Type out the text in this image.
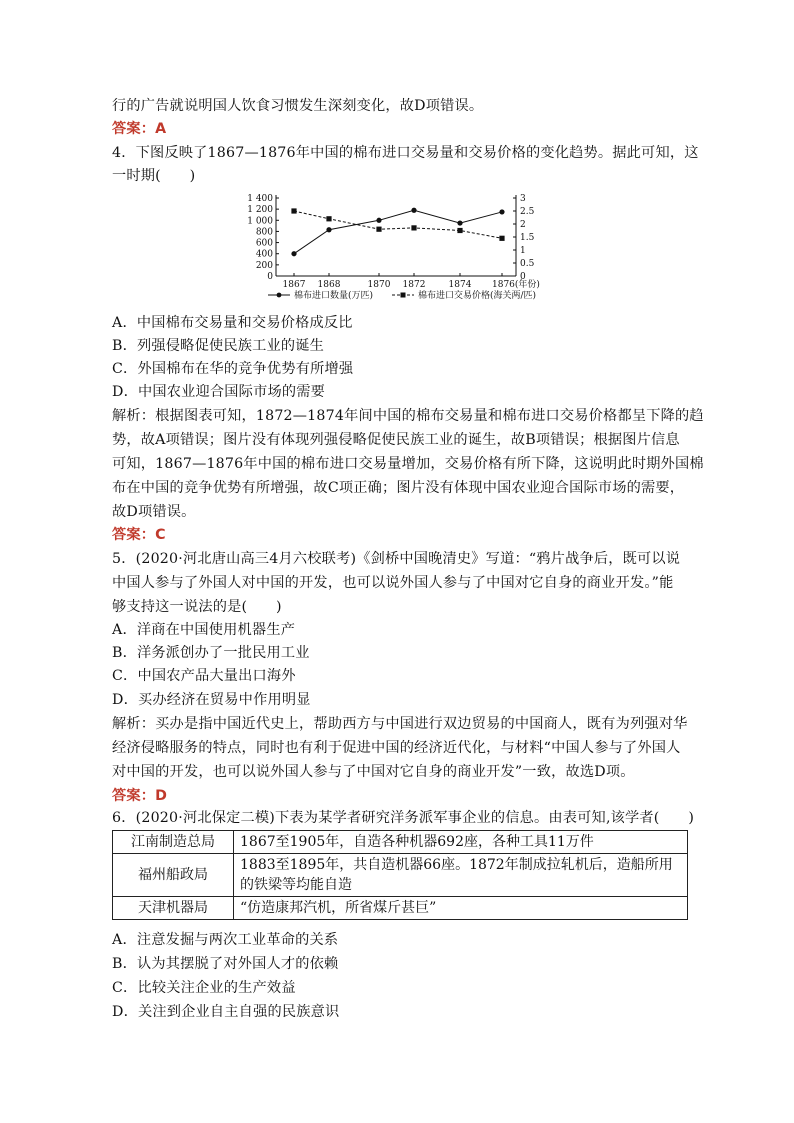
行的广告就说明国人饮食习惯发生深刻变化，故D项错误。
答案：A
4．下图反映了1867—1876年中国的棉布进口交易量和交易价格的变化趋势。据此可知，这
一时期(　　)
A．中国棉布交易量和交易价格成反比
B．列强侵略促使民族工业的诞生
C．外国棉布在华的竞争优势有所增强
D．中国农业迎合国际市场的需要
解析：根据图表可知，1872—1874年间中国的棉布交易量和棉布进口交易价格都呈下降的趋
势，故A项错误；图片没有体现列强侵略促使民族工业的诞生，故B项错误；根据图片信息
可知，1867—1876年中国的棉布进口交易量增加，交易价格有所下降，这说明此时期外国棉
布在中国的竞争优势有所增强，故C项正确；图片没有体现中国农业迎合国际市场的需要，
故D项错误。
答案：C
5．(2020·河北唐山高三4月六校联考)《剑桥中国晚清史》写道：“鸦片战争后，既可以说
中国人参与了外国人对中国的开发，也可以说外国人参与了中国对它自身的商业开发。”能
够支持这一说法的是(　　)
A．洋商在中国使用机器生产
B．洋务派创办了一批民用工业
C．中国农产品大量出口海外
D．买办经济在贸易中作用明显
解析：买办是指中国近代史上，帮助西方与中国进行双边贸易的中国商人，既有为列强对华
经济侵略服务的特点，同时也有利于促进中国的经济近代化，与材料“中国人参与了外国人
对中国的开发，也可以说外国人参与了中国对它自身的商业开发”一致，故选D项。
答案：D
6．(2020·河北保定二模)下表为某学者研究洋务派军事企业的信息。由表可知,该学者(　　)
A．注意发掘与两次工业革命的关系
B．认为其摆脱了对外国人才的依赖
C．比较关注企业的生产效益
D．关注到企业自主自强的民族意识
0
200
400
600
800
1 000
1 200
1 400
0
0.5
1
1.5
2
2.5
3
1867 1868	1870 1872	1874 1876(年份)
棉布进口数量(万匹)	棉布进口交易价格(海关两/匹)
江南制造总局	1867至1905年，自造各种机器692座，各种工具11万件
福州船政局	1883至1895年，共自造机器66座。1872年制成拉轧机后，造船所用的铁梁等均能自造
天津机器局	“仿造康邦汽机，所省煤斤甚巨”
